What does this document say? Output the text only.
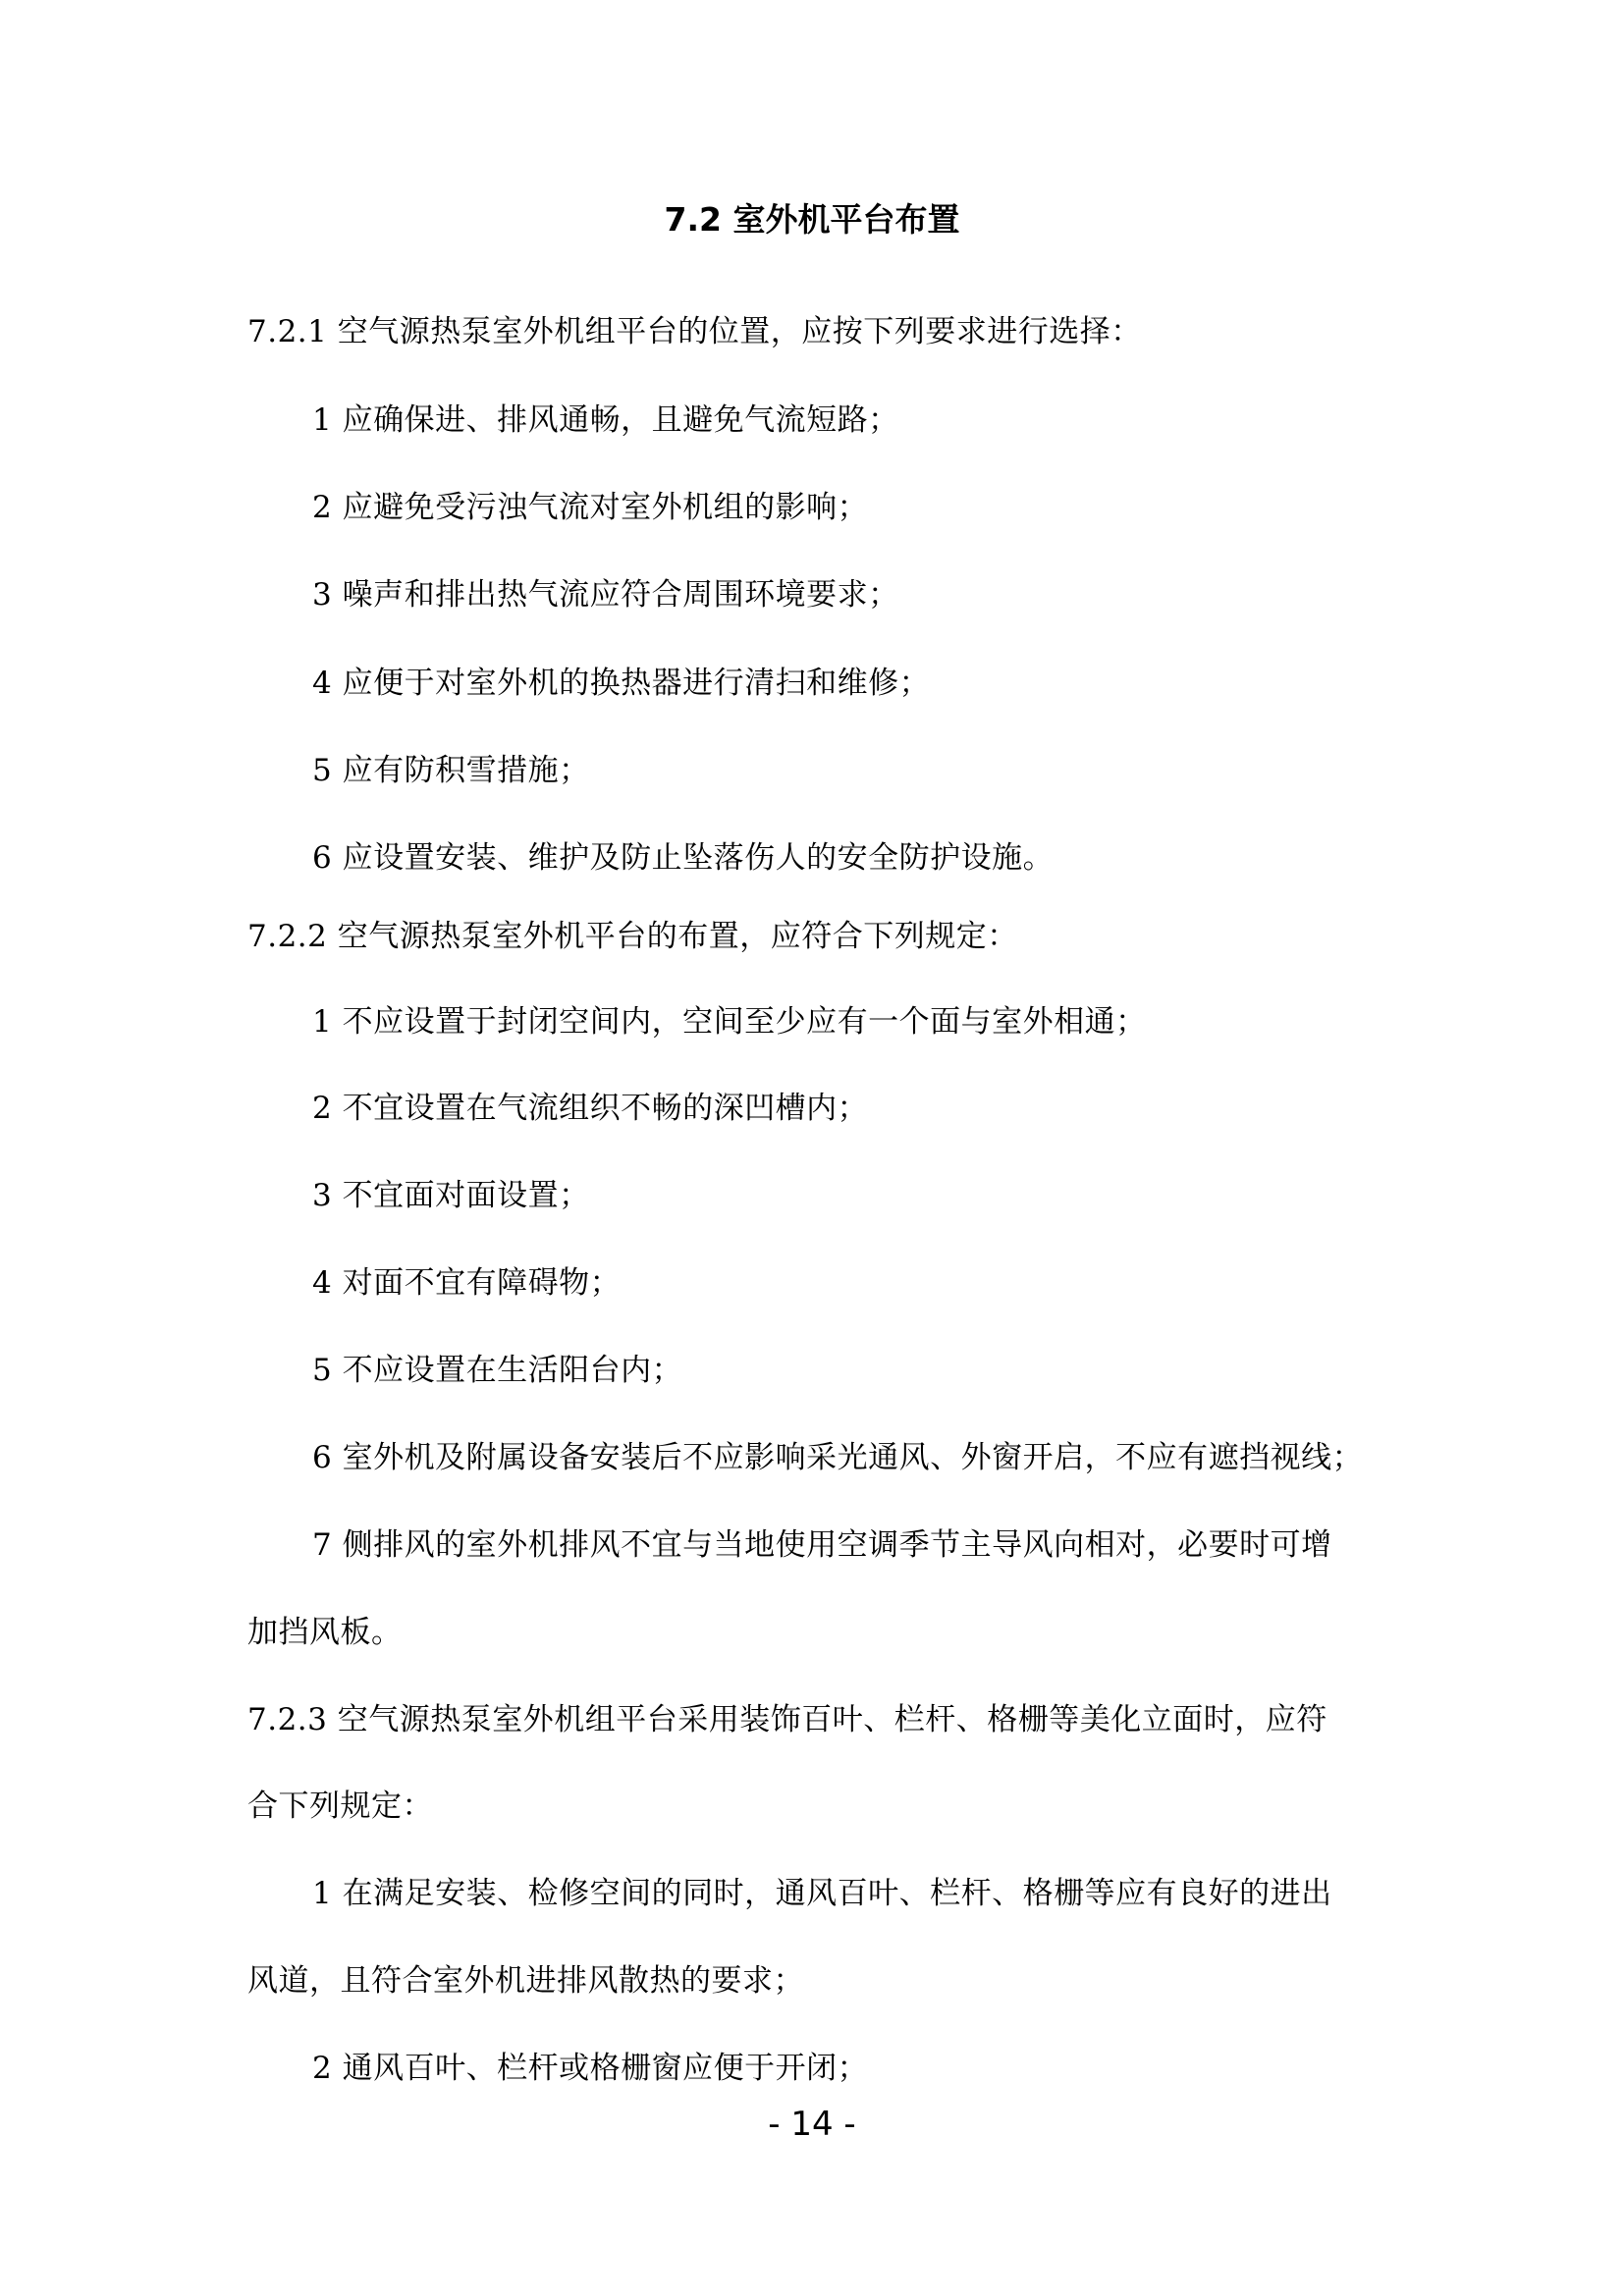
7.2 室外机平台布置
7.2.1 空气源热泵室外机组平台的位置，应按下列要求进行选择：
1 应确保进、排风通畅，且避免气流短路；
2 应避免受污浊气流对室外机组的影响；
3 噪声和排出热气流应符合周围环境要求；
4 应便于对室外机的换热器进行清扫和维修；
5 应有防积雪措施；
6 应设置安装、维护及防止坠落伤人的安全防护设施。
7.2.2 空气源热泵室外机平台的布置，应符合下列规定：
1 不应设置于封闭空间内，空间至少应有一个面与室外相通；
2 不宜设置在气流组织不畅的深凹槽内；
3 不宜面对面设置；
4 对面不宜有障碍物；
5 不应设置在生活阳台内；
6 室外机及附属设备安装后不应影响采光通风、外窗开启，不应有遮挡视线；
7 侧排风的室外机排风不宜与当地使用空调季节主导风向相对，必要时可增
加挡风板。
7.2.3 空气源热泵室外机组平台采用装饰百叶、栏杆、格栅等美化立面时，应符
合下列规定：
1 在满足安装、检修空间的同时，通风百叶、栏杆、格栅等应有良好的进出
风道，且符合室外机进排风散热的要求；
2 通风百叶、栏杆或格栅窗应便于开闭；
- 14 -
